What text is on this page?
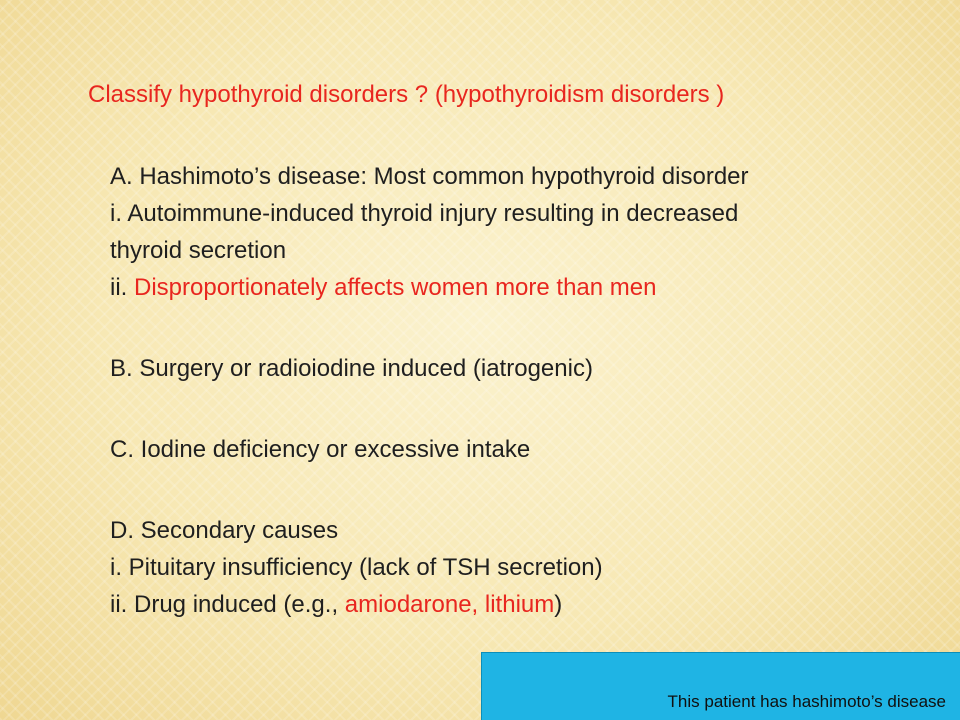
Classify hypothyroid disorders ? (hypothyroidism disorders )

A. Hashimoto’s disease: Most common hypothyroid disorder

i. Autoimmune-induced thyroid injury resulting in decreased

thyroid secretion

ii. Disproportionately affects women more than men

B. Surgery or radioiodine induced (iatrogenic)

C. Iodine deficiency or excessive intake

D. Secondary causes

i. Pituitary insufficiency (lack of TSH secretion)

ii. Drug induced (e.g., amiodarone, lithium)

This patient has hashimoto’s disease
